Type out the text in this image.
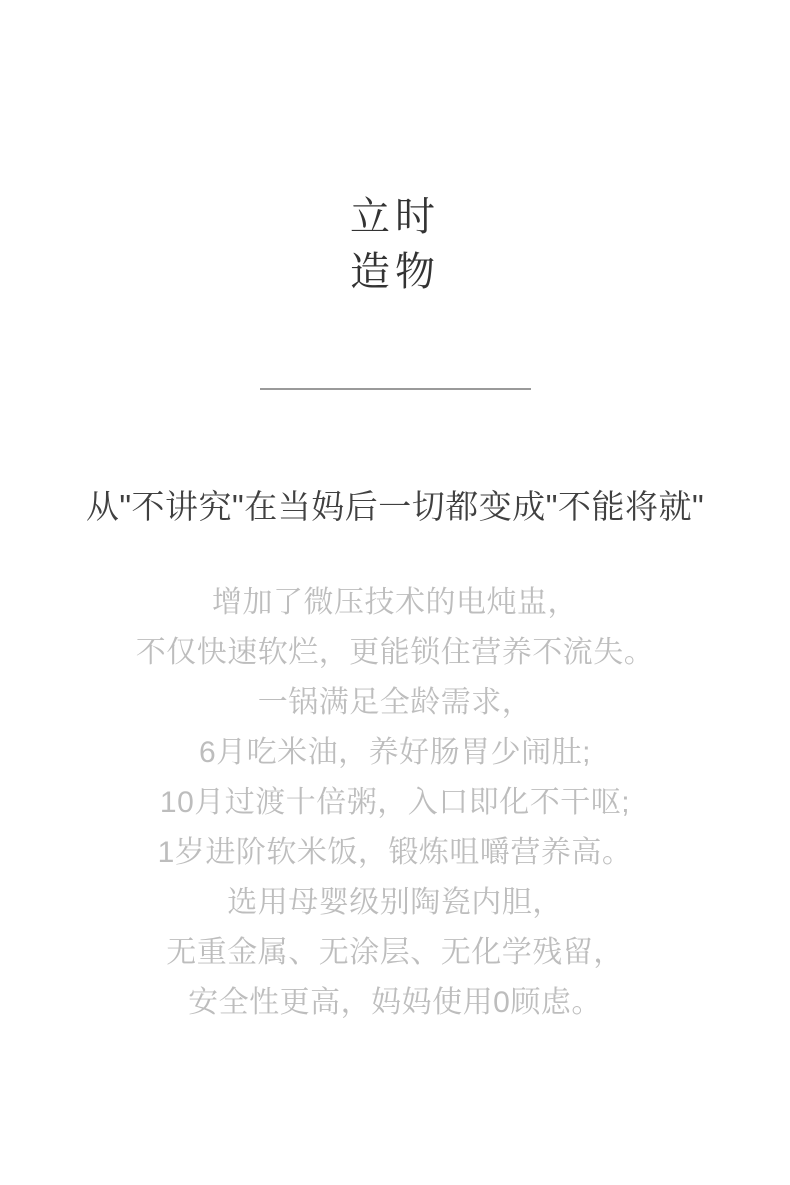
立时
造物
从"不讲究"在当妈后一切都变成"不能将就"
增加了微压技术的电炖盅，
不仅快速软烂，更能锁住营养不流失。
一锅满足全龄需求，
6月吃米油，养好肠胃少闹肚;
10月过渡十倍粥，入口即化不干呕;
1岁进阶软米饭，锻炼咀嚼营养高。
选用母婴级别陶瓷内胆，
无重金属、无涂层、无化学残留，
安全性更高，妈妈使用0顾虑。
